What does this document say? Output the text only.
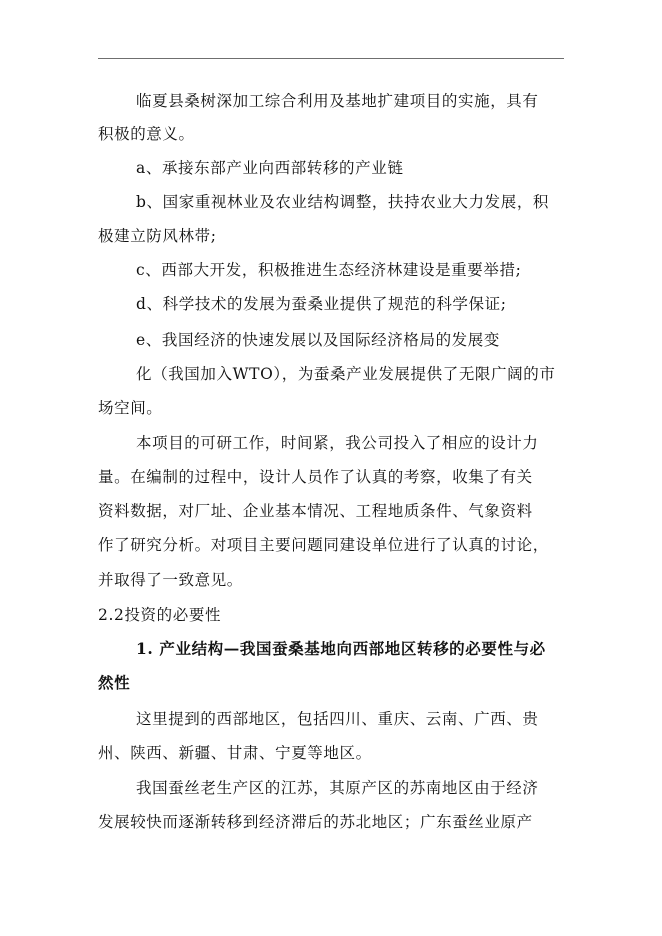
临夏县桑树深加工综合利用及基地扩建项目的实施，具有
积极的意义。
a、承接东部产业向西部转移的产业链
b、国家重视林业及农业结构调整，扶持农业大力发展，积
极建立防风林带;
c、西部大开发，积极推进生态经济林建设是重要举措;
d、科学技术的发展为蚕桑业提供了规范的科学保证;
e、我国经济的快速发展以及国际经济格局的发展变
化（我国加入WTO），为蚕桑产业发展提供了无限广阔的市
场空间。
本项目的可研工作，时间紧，我公司投入了相应的设计力
量。在编制的过程中，设计人员作了认真的考察，收集了有关
资料数据，对厂址、企业基本情况、工程地质条件、气象资料
作了研究分析。对项目主要问题同建设单位进行了认真的讨论，
并取得了一致意见。
2.2投资的必要性
1. 产业结构—我国蚕桑基地向西部地区转移的必要性与必
然性
这里提到的西部地区，包括四川、重庆、云南、广西、贵
州、陕西、新疆、甘肃、宁夏等地区。
我国蚕丝老生产区的江苏，其原产区的苏南地区由于经济
发展较快而逐渐转移到经济滞后的苏北地区；广东蚕丝业原产
